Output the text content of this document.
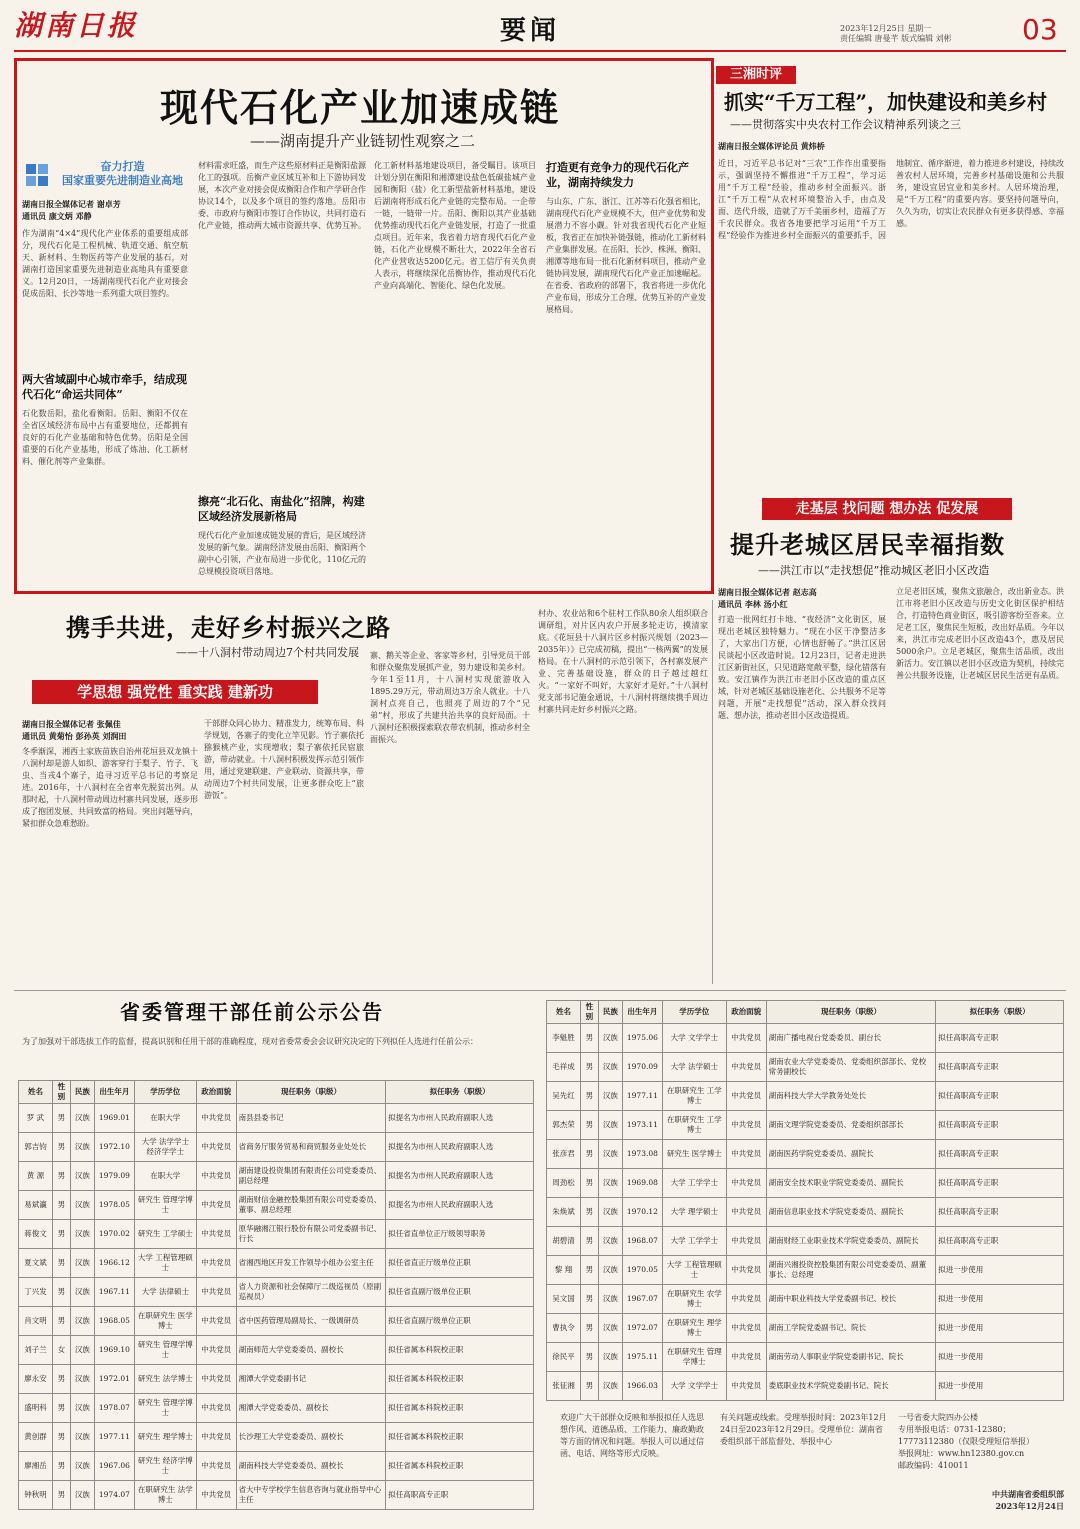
湖南日报	要闻	2023年12月25日 星期一
责任编辑 唐曼芊 版式编辑 刘彬	03
现代石化产业加速成链
——湖南提升产业链韧性观察之二
奋力打造
国家重要先进制造业高地
湖南日报全媒体记者 谢卓芳
通讯员 康文炳 邓静
作为湖南“4×4”现代化产业体系的重要组成部分，现代石化是工程机械、轨道交通、航空航天、新材料、生物医药等产业发展的基石，对湖南打造国家重要先进制造业高地具有重要意义。12月20日，一场湖南现代石化产业对接会促成岳阳、长沙等地一系列重大项目签约。
两大省域副中心城市牵手，结成现代石化“命运共同体”
石化数岳阳，盐化看衡阳。岳阳、衡阳不仅在全省区域经济布局中占有重要地位，还都拥有良好的石化产业基础和特色优势。岳阳是全国重要的石化产业基地，形成了炼油、化工新材料、催化剂等产业集群。
材料需求旺盛，而生产这些原材料正是衡阳盐源化工的强项。岳衡产业区域互补和上下游协同发展，本次产业对接会促成衡阳合作和产学研合作协议14个，以及多个项目的签约落地。岳阳市委、市政府与衡阳市签订合作协议，共同打造石化产业链，推动两大城市资源共享、优势互补。
擦亮“北石化、南盐化”招牌，构建区域经济发展新格局
现代石化产业加速成链发展的背后，是区域经济发展的新气象。湖南经济发展由岳阳、衡阳两个副中心引领，产业布局进一步优化，110亿元的总规模投资项目落地。
化工新材料基地建设项目，备受瞩目。该项目计划分别在衡阳和湘潭建设盐色低碳盐城产业园和衡阳（盐）化工新型盐新材料基地，建设后湖南将形成石化产业链的完整布局。一企带一链，一链带一片。岳阳、衡阳以其产业基础优势推动现代石化产业链发展，打造了一批重点项目。近年来，我省着力培育现代石化产业链，石化产业规模不断壮大，2022年全省石化产业营收达5200亿元。省工信厅有关负责人表示，将继续深化岳衡协作，推动现代石化产业向高端化、智能化、绿色化发展。
打造更有竞争力的现代石化产业，湖南持续发力
与山东、广东、浙江、江苏等石化强省相比，湖南现代石化产业规模不大，但产业优势和发展潜力不容小觑。针对我省现代石化产业短板，我省正在加快补链强链，推动化工新材料产业集群发展。在岳阳、长沙、株洲、衡阳、湘潭等地布局一批石化新材料项目，推动产业链协同发展，湖南现代石化产业正加速崛起。在省委、省政府的部署下，我省将进一步优化产业布局，形成分工合理、优势互补的产业发展格局。
三湘时评
抓实“千万工程”，加快建设和美乡村
——贯彻落实中央农村工作会议精神系列谈之三
湖南日报全媒体评论员 黄炜桥
近日，习近平总书记对“三农”工作作出重要指示，强调坚持不懈推进“千万工程”，学习运用“千万工程”经验，推动乡村全面振兴。浙江“千万工程”从农村环境整治入手，由点及面、迭代升级，造就了万千美丽乡村，造福了万千农民群众。我省各地要把学习运用“千万工程”经验作为推进乡村全面振兴的重要抓手，因地制宜、循序渐进，着力推进乡村建设，持续改善农村人居环境，完善乡村基础设施和公共服务，建设宜居宜业和美乡村。人居环境治理，是“千万工程”的重要内容。要坚持问题导向，久久为功，切实让农民群众有更多获得感、幸福感。
走基层 找问题 想办法 促发展
提升老城区居民幸福指数
——洪江市以“走找想促”推动城区老旧小区改造
湖南日报全媒体记者 赵志高
通讯员 李林 汤小红
打造一批网红打卡地、“夜经济”文化街区，展现出老城区独特魅力。“现在小区干净整洁多了，大家出门方便，心情也舒畅了。”洪江区居民谈起小区改造时说。12月23日，记者走进洪江区新街社区，只见道路宽敞平整，绿化错落有致。安江镇作为洪江市老旧小区改造的重点区域，针对老城区基础设施老化、公共服务不足等问题，开展“走找想促”活动，深入群众找问题、想办法，推动老旧小区改造提质。
立足老旧区域，聚焦文旅融合，改出新业态。洪江市将老旧小区改造与历史文化街区保护相结合，打造特色商业街区，吸引游客纷至沓来。立足老工区，聚焦民生短板，改出好品质。今年以来，洪江市完成老旧小区改造43个，惠及居民5000余户。立足老城区，聚焦生活品质，改出新活力。安江镇以老旧小区改造为契机，持续完善公共服务设施，让老城区居民生活更有品质。
携手共进，走好乡村振兴之路
——十八洞村带动周边7个村共同发展
学思想 强党性 重实践 建新功
湖南日报全媒体记者 张佩佳
通讯员 黄菊怡 彭孙英 刘润田
冬季渐深，湘西土家族苗族自治州花垣县双龙镇十八洞村却是游人如织、游客穿行于梨子、竹子、飞虫、当戎4个寨子，追寻习近平总书记的考察足迹。2016年，十八洞村在全省率先脱贫出列。从那时起，十八洞村带动周边村寨共同发展，逐步形成了抱团发展、共同致富的格局。突出问题导向，紧扣群众急难愁盼。
干部群众同心协力、精准发力，统筹布局、科学规划，各寨子的变化立竿见影。竹子寨依托猕猴桃产业，实现增收；梨子寨依托民宿旅游，带动就业。十八洞村积极发挥示范引领作用，通过党建联建、产业联动、资源共享，带动周边7个村共同发展，让更多群众吃上“旅游饭”。
寨、鹅关等企业、客家等乡村，引导党员干部和群众聚焦发展抓产业，努力建设和美乡村。今年1至11月，十八洞村实现旅游收入1895.29万元，带动周边3万余人就业。十八洞村点亮自己，也照亮了周边的7个“兄弟”村，形成了共建共治共享的良好局面。十八洞村还积极探索联农带农机制，推动乡村全面振兴。
村办、农业站和6个驻村工作队80余人组织联合调研组，对片区内农户开展多轮走访，摸清家底。《花垣县十八洞片区乡村振兴规划（2023—2035年）》已完成初稿，提出“一核两翼”的发展格局。在十八洞村的示范引领下，各村寨发展产业、完善基础设施，群众的日子越过越红火。“一家好不叫好，大家好才是好。”十八洞村党支部书记施金通说，十八洞村将继续携手周边村寨共同走好乡村振兴之路。
省委管理干部任前公示公告
为了加强对干部选拔工作的监督，提高识别和任用干部的准确程度，现对省委常委会会议研究决定的下列拟任人选进行任前公示：
姓名	性别	民族	出生年月	学历学位	政治面貌	现任职务（职级）	拟任职务（职级）
罗 武	男	汉族	1969.01	在职大学	中共党员	南县县委书记	拟提名为市州人民政府副职人选
郭吉钧	男	汉族	1972.10	大学 法学学士 经济学学士	中共党员	省商务厅服务贸易和商贸服务业处处长	拟提名为市州人民政府副职人选
黄 源	男	汉族	1979.09	在职大学	中共党员	湖南建设投资集团有限责任公司党委委员、副总经理	拟提名为市州人民政府副职人选
易斌瀛	男	汉族	1978.05	研究生 管理学博士	中共党员	湖南财信金融控股集团有限公司党委委员、董事、副总经理	拟提名为市州人民政府副职人选
蒋俊文	男	汉族	1970.02	研究生 工学硕士	中共党员	原华融湘江银行股份有限公司党委副书记、行长	拟任省直单位正厅级领导职务
夏文斌	男	汉族	1966.12	大学 工程管理硕士	中共党员	省湘西地区开发工作领导小组办公室主任	拟任省直正厅级单位正职
丁兴发	男	汉族	1967.11	大学 法律硕士	中共党员	省人力资源和社会保障厅二级巡视员（原副巡视员）	拟任省直副厅级单位正职
肖文明	男	汉族	1968.05	在职研究生 医学博士	中共党员	省中医药管理局副局长、一级调研员	拟任省直副厅级单位正职
刘子兰	女	汉族	1969.10	研究生 管理学博士	中共党员	湖南师范大学党委委员、副校长	拟任省属本科院校正职
廖永安	男	汉族	1972.01	研究生 法学博士	中共党员	湘潭大学党委副书记	拟任省属本科院校正职
盛明科	男	汉族	1978.07	研究生 管理学博士	中共党员	湘潭大学党委委员、副校长	拟任省属本科院校正职
黄创群	男	汉族	1977.11	研究生 理学博士	中共党员	长沙理工大学党委委员、副校长	拟任省属本科院校正职
廖湘岳	男	汉族	1967.06	研究生 经济学博士	中共党员	湖南科技大学党委委员、副校长	拟任省属本科院校正职
钟秋明	男	汉族	1974.07	在职研究生 法学博士	中共党员	省大中专学校学生信息咨询与就业指导中心主任	拟任高职高专正职
姓名	性别	民族	出生年月	学历学位	政治面貌	现任职务（职级）	拟任职务（职级）
李魁胜	男	汉族	1975.06	大学 文学学士	中共党员	湖南广播电视台党委委员、副台长	拟任高职高专正职
毛祥成	男	汉族	1970.09	大学 法学硕士	中共党员	湖南农业大学党委委员、党委组织部部长、党校常务副校长	拟任高职高专正职
吴先红	男	汉族	1977.11	在职研究生 工学博士	中共党员	湖南科技大学大学教务处处长	拟任高职高专正职
郭杰荣	男	汉族	1973.11	在职研究生 工学博士	中共党员	湖南文理学院党委委员、党委组织部部长	拟任高职高专正职
张彦君	男	汉族	1973.08	研究生 医学博士	中共党员	湖南医药学院党委委员、副院长	拟任高职高专正职
周劲松	男	汉族	1969.08	大学 工学学士	中共党员	湖南安全技术职业学院党委委员、副院长	拟任高职高专正职
朱焕斌	男	汉族	1970.12	大学 理学硕士	中共党员	湖南信息职业技术学院党委委员、副院长	拟任高职高专正职
胡碧清	男	汉族	1968.07	大学 工学学士	中共党员	湖南财经工业职业技术学院党委委员、副院长	拟任高职高专正职
黎 翔	男	汉族	1970.05	大学 工程管理硕士	中共党员	湖南兴湘投资控股集团有限公司党委委员、副董事长、总经理	拟进一步使用
吴文国	男	汉族	1967.07	在职研究生 农学博士	中共党员	湖南中职业科技大学党委副书记、校长	拟进一步使用
曹执令	男	汉族	1972.07	在职研究生 理学博士	中共党员	湖南工学院党委副书记、院长	拟进一步使用
徐民平	男	汉族	1975.11	在职研究生 管理学博士	中共党员	湖南劳动人事职业学院党委副书记、院长	拟进一步使用
张征湘	男	汉族	1966.03	大学 文学学士	中共党员	娄底职业技术学院党委副书记、院长	拟进一步使用
欢迎广大干部群众反映和举报拟任人选思想作风、道德品质、工作能力、廉政勤政等方面的情况和问题。举报人可以通过信函、电话、网络等形式反映。
有关问题或线索。受理举报时间：2023年12月24日至2023年12月29日。受理单位：湖南省委组织部干部监督处、举报中心
一号省委大院四办公楼
专用举报电话：0731-12380；17773112380（仅限受理短信举报）
举报网址：www.hn12380.gov.cn
邮政编码：410011
中共湖南省委组织部
2023年12月24日
